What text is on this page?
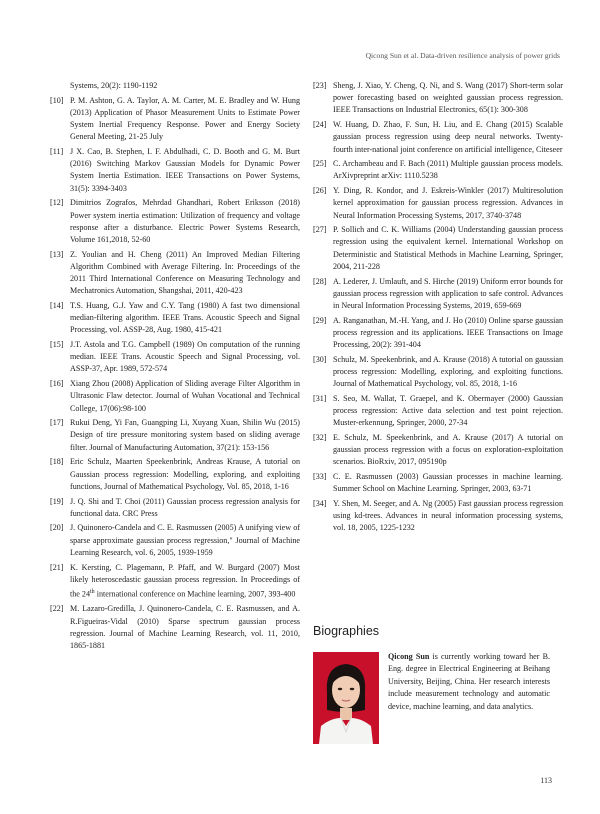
Qicong Sun et al. Data-driven resilience analysis of power grids
Systems, 20(2): 1190-1192
[10] P. M. Ashton, G. A. Taylor, A. M. Carter, M. E. Bradley and W. Hung (2013) Application of Phasor Measurement Units to Estimate Power System Inertial Frequency Response. Power and Energy Society General Meeting, 21-25 July
[11] J X. Cao, B. Stephen, I. F. Abdulhadi, C. D. Booth and G. M. Burt (2016) Switching Markov Gaussian Models for Dynamic Power System Inertia Estimation. IEEE Transactions on Power Systems, 31(5): 3394-3403
[12] Dimitrios Zografos, Mehrdad Ghandhari, Robert Eriksson (2018) Power system inertia estimation: Utilization of frequency and voltage response after a disturbance. Electric Power Systems Research, Volume 161,2018, 52-60
[13] Z. Youlian and H. Cheng (2011) An Improved Median Filtering Algorithm Combined with Average Filtering. In: Proceedings of the 2011 Third International Conference on Measuring Technology and Mechatronics Automation, Shangshai, 2011, 420-423
[14] T.S. Huang, G.J. Yaw and C.Y. Tang (1980) A fast two dimensional median-filtering algorithm. IEEE Trans. Acoustic Speech and Signal Processing, vol. ASSP-28, Aug. 1980, 415-421
[15] J.T. Astola and T.G. Campbell (1989) On computation of the running median. IEEE Trans. Acoustic Speech and Signal Processing, vol. ASSP-37, Apr. 1989, 572-574
[16] Xiang Zhou (2008) Application of Sliding average Filter Algorithm in Ultrasonic Flaw detector. Journal of Wuhan Vocational and Technical College, 17(06):98-100
[17] Rukui Deng, Yi Fan, Guangping Li, Xuyang Xuan, Shilin Wu (2015) Design of tire pressure monitoring system based on sliding average filter. Journal of Manufacturing Automation, 37(21): 153-156
[18] Eric Schulz, Maarten Speekenbrink, Andreas Krause, A tutorial on Gaussian process regression: Modelling, exploring, and exploiting functions, Journal of Mathematical Psychology, Vol. 85, 2018, 1-16
[19] J. Q. Shi and T. Choi (2011) Gaussian process regression analysis for functional data. CRC Press
[20] J. Quinonero-Candela and C. E. Rasmussen (2005) A unifying view of sparse approximate gaussian process regression," Journal of Machine Learning Research, vol. 6, 2005, 1939-1959
[21] K. Kersting, C. Plagemann, P. Pfaff, and W. Burgard (2007) Most likely heteroscedastic gaussian process regression. In Proceedings of the 24th international conference on Machine learning, 2007, 393-400
[22] M. Lazaro-Gredilla, J. Quinonero-Candela, C. E. Rasmussen, and A. R.Figueiras-Vidal (2010) Sparse spectrum gaussian process regression. Journal of Machine Learning Research, vol. 11, 2010, 1865-1881
[23] Sheng, J. Xiao, Y. Cheng, Q. Ni, and S. Wang (2017) Short-term solar power forecasting based on weighted gaussian process regression. IEEE Transactions on Industrial Electronics, 65(1): 300-308
[24] W. Huang, D. Zhao, F. Sun, H. Liu, and E. Chang (2015) Scalable gaussian process regression using deep neural networks. Twenty-fourth inter-national joint conference on artificial intelligence, Citeseer
[25] C. Archambeau and F. Bach (2011) Multiple gaussian process models. ArXivpreprint arXiv: 1110.5238
[26] Y. Ding, R. Kondor, and J. Eskreis-Winkler (2017) Multiresolution kernel approximation for gaussian process regression. Advances in Neural Information Processing Systems, 2017, 3740-3748
[27] P. Sollich and C. K. Williams (2004) Understanding gaussian process regression using the equivalent kernel. International Workshop on Deterministic and Statistical Methods in Machine Learning, Springer, 2004, 211-228
[28] A. Lederer, J. Umlauft, and S. Hirche (2019) Uniform error bounds for gaussian process regression with application to safe control. Advances in Neural Information Processing Systems, 2019, 659-669
[29] A. Ranganathan, M.-H. Yang, and J. Ho (2010) Online sparse gaussian process regression and its applications. IEEE Transactions on Image Processing, 20(2): 391-404
[30] Schulz, M. Speekenbrink, and A. Krause (2018) A tutorial on gaussian process regression: Modelling, exploring, and exploiting functions. Journal of Mathematical Psychology, vol. 85, 2018, 1-16
[31] S. Seo, M. Wallat, T. Graepel, and K. Obermayer (2000) Gaussian process regression: Active data selection and test point rejection. Muster-erkennung, Springer, 2000, 27-34
[32] E. Schulz, M. Speekenbrink, and A. Krause (2017) A tutorial on gaussian process regression with a focus on exploration-exploitation scenarios. BioRxiv, 2017, 095190p
[33] C. E. Rasmussen (2003) Gaussian processes in machine learning. Summer School on Machine Learning. Springer, 2003, 63-71
[34] Y. Shen, M. Seeger, and A. Ng (2005) Fast gaussian process regression using kd-trees. Advances in neural information processing systems, vol. 18, 2005, 1225-1232
Biographies
Qicong Sun is currently working toward her B. Eng. degree in Electrical Engineering at Beihang University, Beijing, China. Her research interests include measurement technology and automatic device, machine learning, and data analytics.
113
